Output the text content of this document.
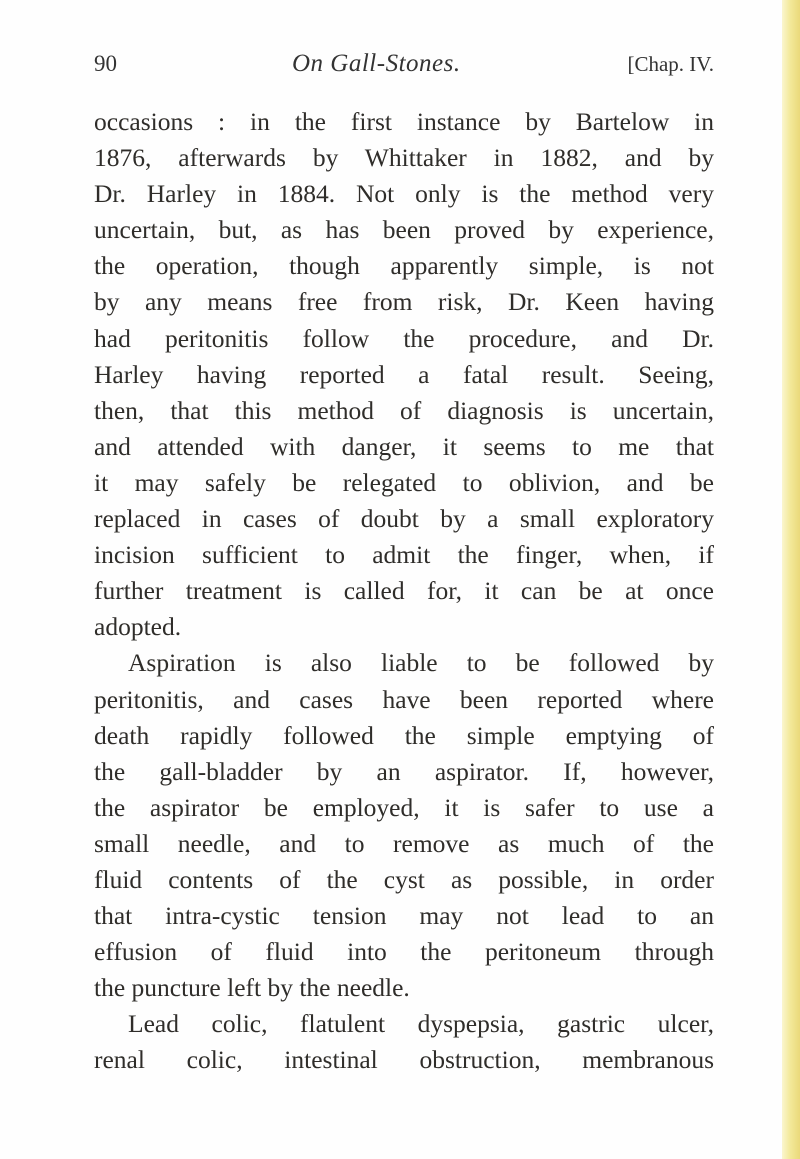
90	On Gall-Stones.	[Chap. IV.
occasions : in the first instance by Bartelow in
1876, afterwards by Whittaker in 1882, and by
Dr. Harley in 1884. Not only is the method very
uncertain, but, as has been proved by experience,
the operation, though apparently simple, is not
by any means free from risk, Dr. Keen having
had peritonitis follow the procedure, and Dr.
Harley having reported a fatal result. Seeing,
then, that this method of diagnosis is uncertain,
and attended with danger, it seems to me that
it may safely be relegated to oblivion, and be
replaced in cases of doubt by a small exploratory
incision sufficient to admit the finger, when, if
further treatment is called for, it can be at once
adopted.
Aspiration is also liable to be followed by
peritonitis, and cases have been reported where
death rapidly followed the simple emptying of
the gall-bladder by an aspirator. If, however,
the aspirator be employed, it is safer to use a
small needle, and to remove as much of the
fluid contents of the cyst as possible, in order
that intra-cystic tension may not lead to an
effusion of fluid into the peritoneum through
the puncture left by the needle.
Lead colic, flatulent dyspepsia, gastric ulcer,
renal colic, intestinal obstruction, membranous
